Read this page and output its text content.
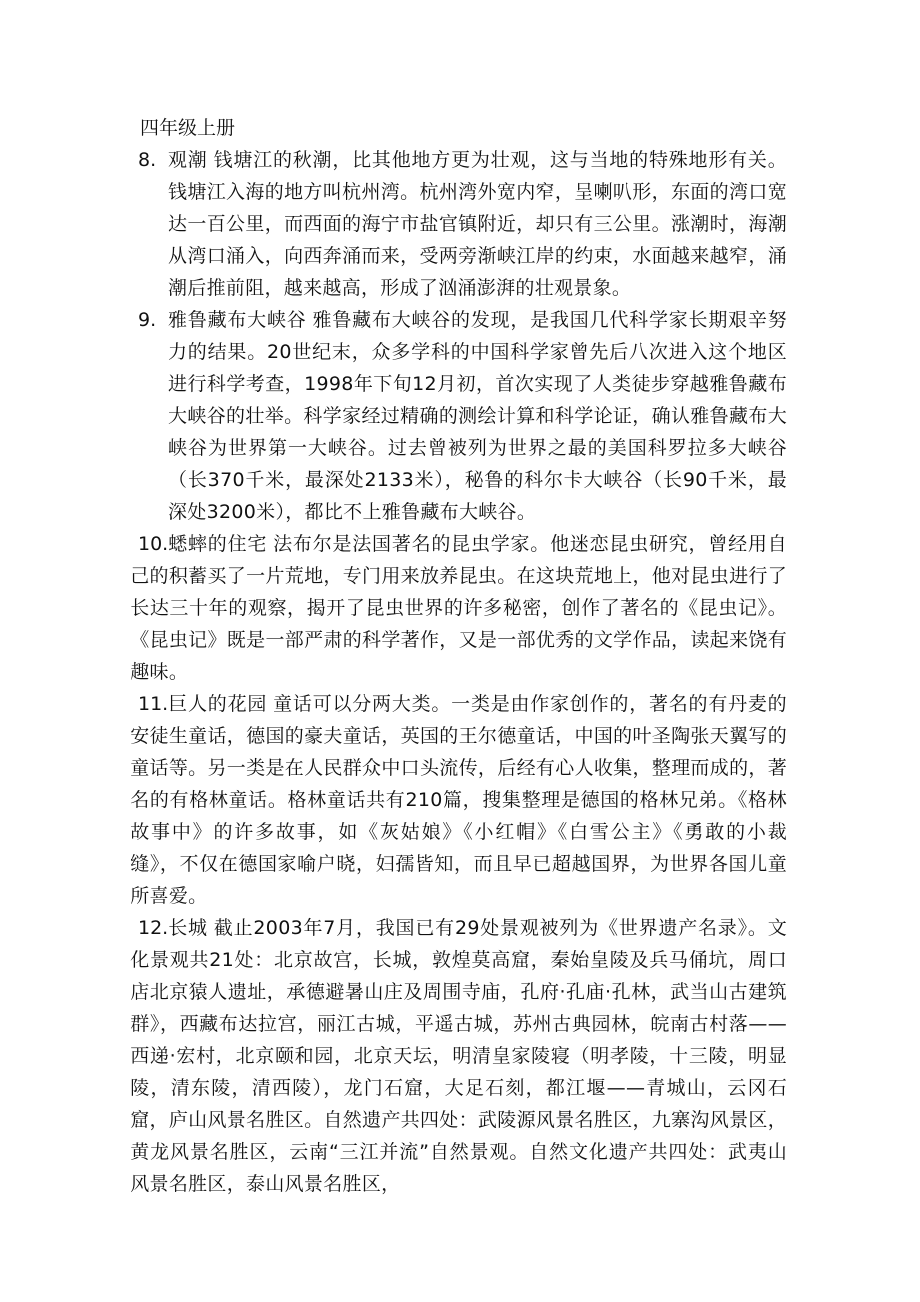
四年级上册
8. 观潮 钱塘江的秋潮，比其他地方更为壮观，这与当地的特殊地形有关。钱塘江入海的地方叫杭州湾。杭州湾外宽内窄，呈喇叭形，东面的湾口宽达一百公里，而西面的海宁市盐官镇附近，却只有三公里。涨潮时，海潮从湾口涌入，向西奔涌而来，受两旁渐峡江岸的约束，水面越来越窄，涌潮后推前阻，越来越高，形成了汹涌澎湃的壮观景象。
9. 雅鲁藏布大峡谷 雅鲁藏布大峡谷的发现，是我国几代科学家长期艰辛努力的结果。20世纪末，众多学科的中国科学家曾先后八次进入这个地区进行科学考查，1998年下旬12月初，首次实现了人类徒步穿越雅鲁藏布大峡谷的壮举。科学家经过精确的测绘计算和科学论证，确认雅鲁藏布大峡谷为世界第一大峡谷。过去曾被列为世界之最的美国科罗拉多大峡谷（长370千米，最深处2133米），秘鲁的科尔卡大峡谷（长90千米，最深处3200米），都比不上雅鲁藏布大峡谷。
10. 蟋蟀的住宅 法布尔是法国著名的昆虫学家。他迷恋昆虫研究，曾经用自己的积蓄买了一片荒地，专门用来放养昆虫。在这块荒地上，他对昆虫进行了长达三十年的观察，揭开了昆虫世界的许多秘密，创作了著名的《昆虫记》。《昆虫记》既是一部严肃的科学著作，又是一部优秀的文学作品，读起来饶有趣味。
11. 巨人的花园 童话可以分两大类。一类是由作家创作的，著名的有丹麦的安徒生童话，德国的豪夫童话，英国的王尔德童话，中国的叶圣陶张天翼写的童话等。另一类是在人民群众中口头流传，后经有心人收集，整理而成的，著名的有格林童话。格林童话共有210篇，搜集整理是德国的格林兄弟。《格林故事中》的许多故事，如《灰姑娘》《小红帽》《白雪公主》《勇敢的小裁缝》，不仅在德国家喻户晓，妇孺皆知，而且早已超越国界，为世界各国儿童所喜爱。
12. 长城 截止2003年7月，我国已有29处景观被列为《世界遗产名录》。文化景观共21处：北京故宫，长城，敦煌莫高窟，秦始皇陵及兵马俑坑，周口店北京猿人遗址，承德避暑山庄及周围寺庙，孔府·孔庙·孔林，武当山古建筑群》，西藏布达拉宫，丽江古城，平遥古城，苏州古典园林，皖南古村落——西递·宏村，北京颐和园，北京天坛，明清皇家陵寝（明孝陵，十三陵，明显陵，清东陵，清西陵），龙门石窟，大足石刻，都江堰——青城山，云冈石窟，庐山风景名胜区。自然遗产共四处：武陵源风景名胜区，九寨沟风景区，黄龙风景名胜区，云南“三江并流”自然景观。自然文化遗产共四处：武夷山风景名胜区，泰山风景名胜区，
